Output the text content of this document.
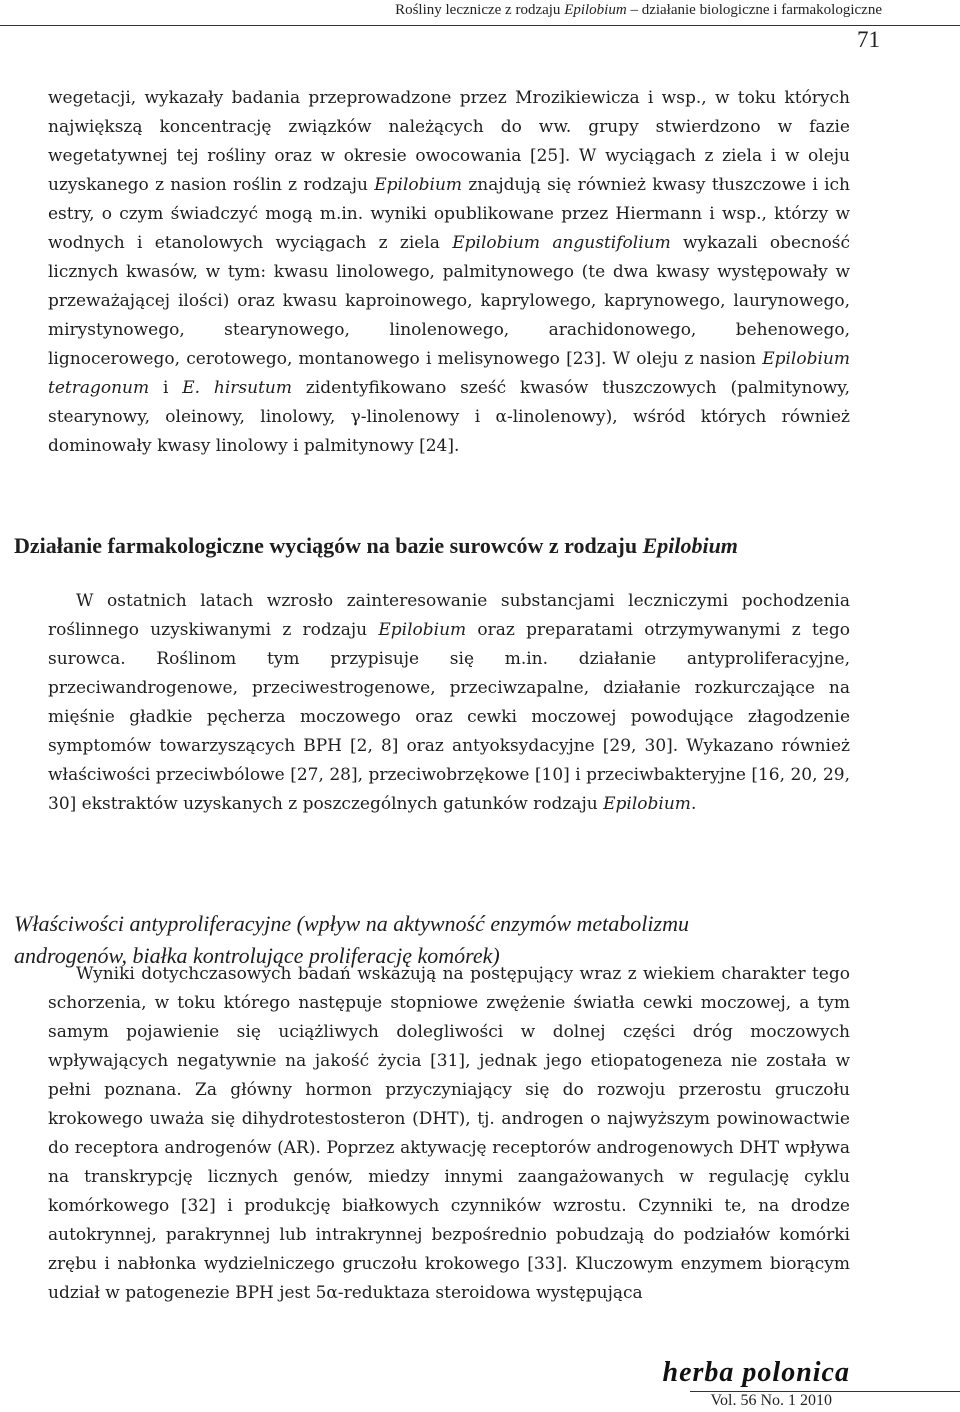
Rośliny lecznicze z rodzaju Epilobium – działanie biologiczne i farmakologiczne
71

wegetacji, wykazały badania przeprowadzone przez Mrozikiewicza i wsp., w toku których największą koncentrację związków należących do ww. grupy stwierdzono w fazie wegetatywnej tej rośliny oraz w okresie owocowania [25]. W wyciągach z ziela i w oleju uzyskanego z nasion roślin z rodzaju Epilobium znajdują się również kwasy tłuszczowe i ich estry, o czym świadczyć mogą m.in. wyniki opublikowane przez Hiermann i wsp., którzy w wodnych i etanolowych wyciągach z ziela Epilobium angustifolium wykazali obecność licznych kwasów, w tym: kwasu linolowego, palmitynowego (te dwa kwasy występowały w przeważającej ilości) oraz kwasu kaproinowego, kaprylowego, kaprynowego, laurynowego, mirystynowego, stearynowego, linolenowego, arachidonowego, behenowego, lignocerowego, cerotowego, montanowego i melisynowego [23]. W oleju z nasion Epilobium tetragonum i E. hirsutum zidentyfikowano sześć kwasów tłuszczowych (palmitynowy, stearynowy, oleinowy, linolowy, γ-linolenowy i α-linolenowy), wśród których również dominowały kwasy linolowy i palmitynowy [24].

Działanie farmakologiczne wyciągów na bazie surowców z rodzaju Epilobium

W ostatnich latach wzrosło zainteresowanie substancjami leczniczymi pochodzenia roślinnego uzyskiwanymi z rodzaju Epilobium oraz preparatami otrzymywanymi z tego surowca. Roślinom tym przypisuje się m.in. działanie antyproliferacyjne, przeciwandrogenowe, przeciwestrogenowe, przeciwzapalne, działanie rozkurczające na mięśnie gładkie pęcherza moczowego oraz cewki moczowej powodujące złagodzenie symptomów towarzyszących BPH [2, 8] oraz antyoksydacyjne [29, 30]. Wykazano również właściwości przeciwbólowe [27, 28], przeciwobrzękowe [10] i przeciwbakteryjne [16, 20, 29, 30] ekstraktów uzyskanych z poszczególnych gatunków rodzaju Epilobium.

Właściwości antyproliferacyjne (wpływ na aktywność enzymów metabolizmu
androgenów, białka kontrolujące proliferację komórek)

Wyniki dotychczasowych badań wskazują na postępujący wraz z wiekiem charakter tego schorzenia, w toku którego następuje stopniowe zwężenie światła cewki moczowej, a tym samym pojawienie się uciążliwych dolegliwości w dolnej części dróg moczowych wpływających negatywnie na jakość życia [31], jednak jego etiopatogeneza nie została w pełni poznana. Za główny hormon przyczyniający się do rozwoju przerostu gruczołu krokowego uważa się dihydrotestosteron (DHT), tj. androgen o najwyższym powinowactwie do receptora androgenów (AR). Poprzez aktywację receptorów androgenowych DHT wpływa na transkrypcję licznych genów, miedzy innymi zaangażowanych w regulację cyklu komórkowego [32] i produkcję białkowych czynników wzrostu. Czynniki te, na drodze autokrynnej, parakrynnej lub intrakrynnej bezpośrednio pobudzają do podziałów komórki zrębu i nabłonka wydzielniczego gruczołu krokowego [33]. Kluczowym enzymem biorącym udział w patogenezie BPH jest 5α-reduktaza steroidowa występująca

herba polonica
Vol. 56 No. 1 2010
